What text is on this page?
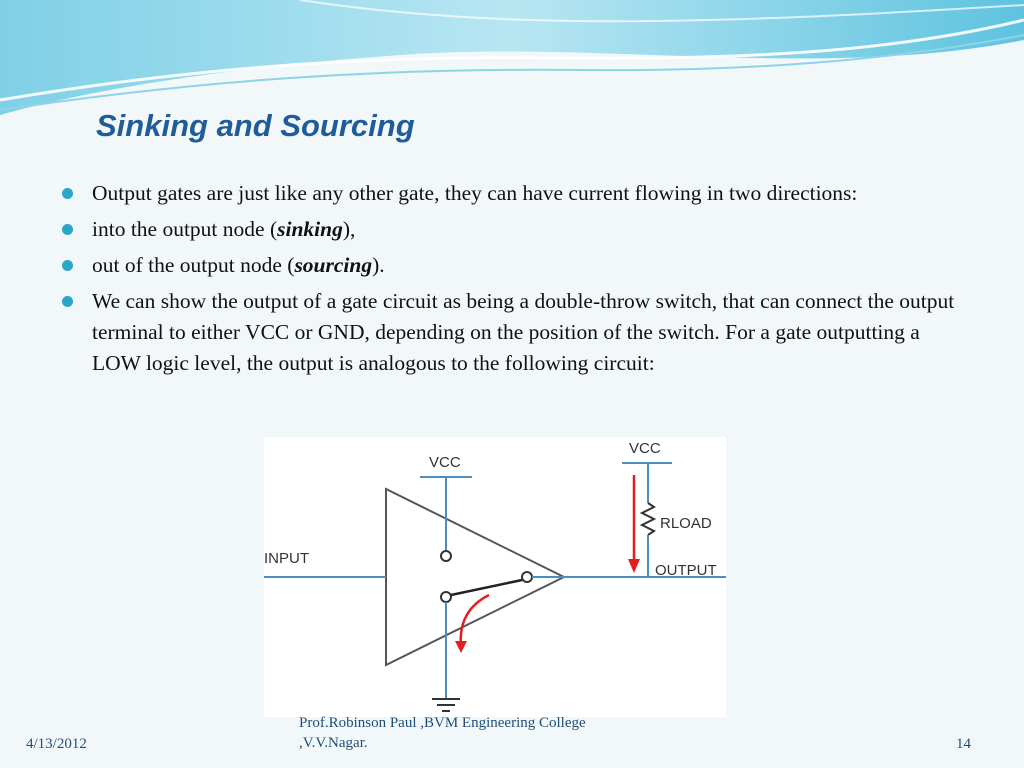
Sinking and Sourcing
Output gates are just like any other gate, they can have current flowing in two directions:
into the output node (sinking),
out of the output node (sourcing).
We can show the output of a gate circuit as being a double-throw switch, that can connect the output terminal to either VCC or GND, depending on the position of the switch. For a gate outputting a LOW logic level, the output is analogous to the following circuit:
INPUT
VCC
OUTPUT
VCC
RLOAD
4/13/2012
Prof.Robinson Paul ,BVM Engineering College
,V.V.Nagar.	14
